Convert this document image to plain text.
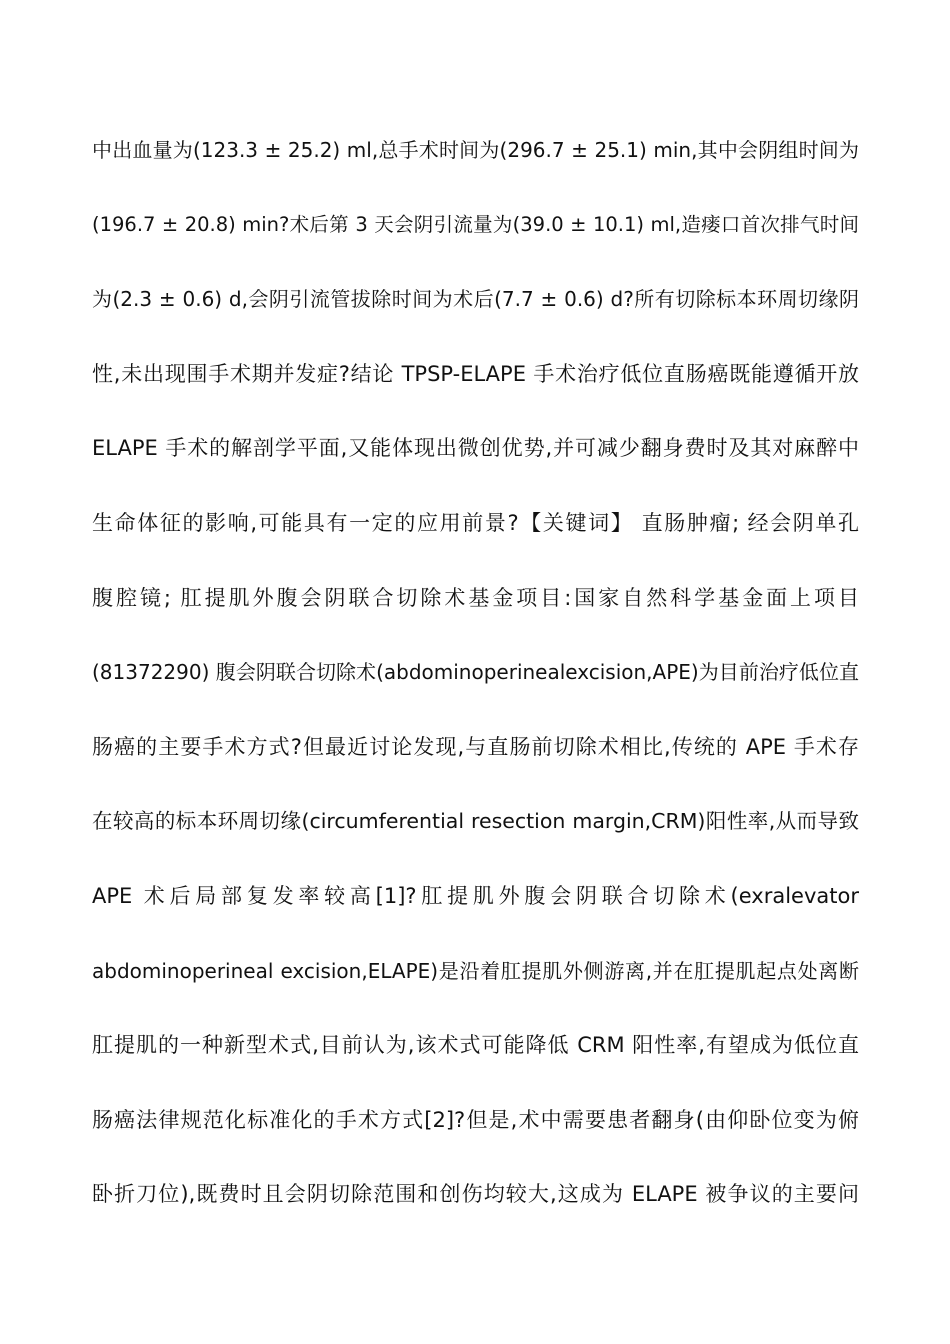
中出血量为(123.3 ± 25.2) ml,总手术时间为(296.7 ± 25.1) min,其中会阴组时间为
(196.7 ± 20.8) min?术后第 3 天会阴引流量为(39.0 ± 10.1) ml,造瘘口首次排气时间
为(2.3 ± 0.6) d,会阴引流管拔除时间为术后(7.7 ± 0.6) d?所有切除标本环周切缘阴
性,未出现围手术期并发症?结论 TPSP-ELAPE 手术治疗低位直肠癌既能遵循开放
ELAPE 手术的解剖学平面,又能体现出微创优势,并可减少翻身费时及其对麻醉中
生命体征的影响,可能具有一定的应用前景?【关键词】 直肠肿瘤; 经会阴单孔
腹腔镜; 肛提肌外腹会阴联合切除术基金项目:国家自然科学基金面上项目
(81372290) 腹会阴联合切除术(abdominoperinealexcision,APE)为目前治疗低位直
肠癌的主要手术方式?但最近讨论发现,与直肠前切除术相比,传统的 APE 手术存
在较高的标本环周切缘(circumferential resection margin,CRM)阳性率,从而导致
APE 术后局部复发率较高[1]?肛提肌外腹会阴联合切除术(exralevator
abdominoperineal excision,ELAPE)是沿着肛提肌外侧游离,并在肛提肌起点处离断
肛提肌的一种新型术式,目前认为,该术式可能降低 CRM 阳性率,有望成为低位直
肠癌法律规范化标准化的手术方式[2]?但是,术中需要患者翻身(由仰卧位变为俯
卧折刀位),既费时且会阴切除范围和创伤均较大,这成为 ELAPE 被争议的主要问
